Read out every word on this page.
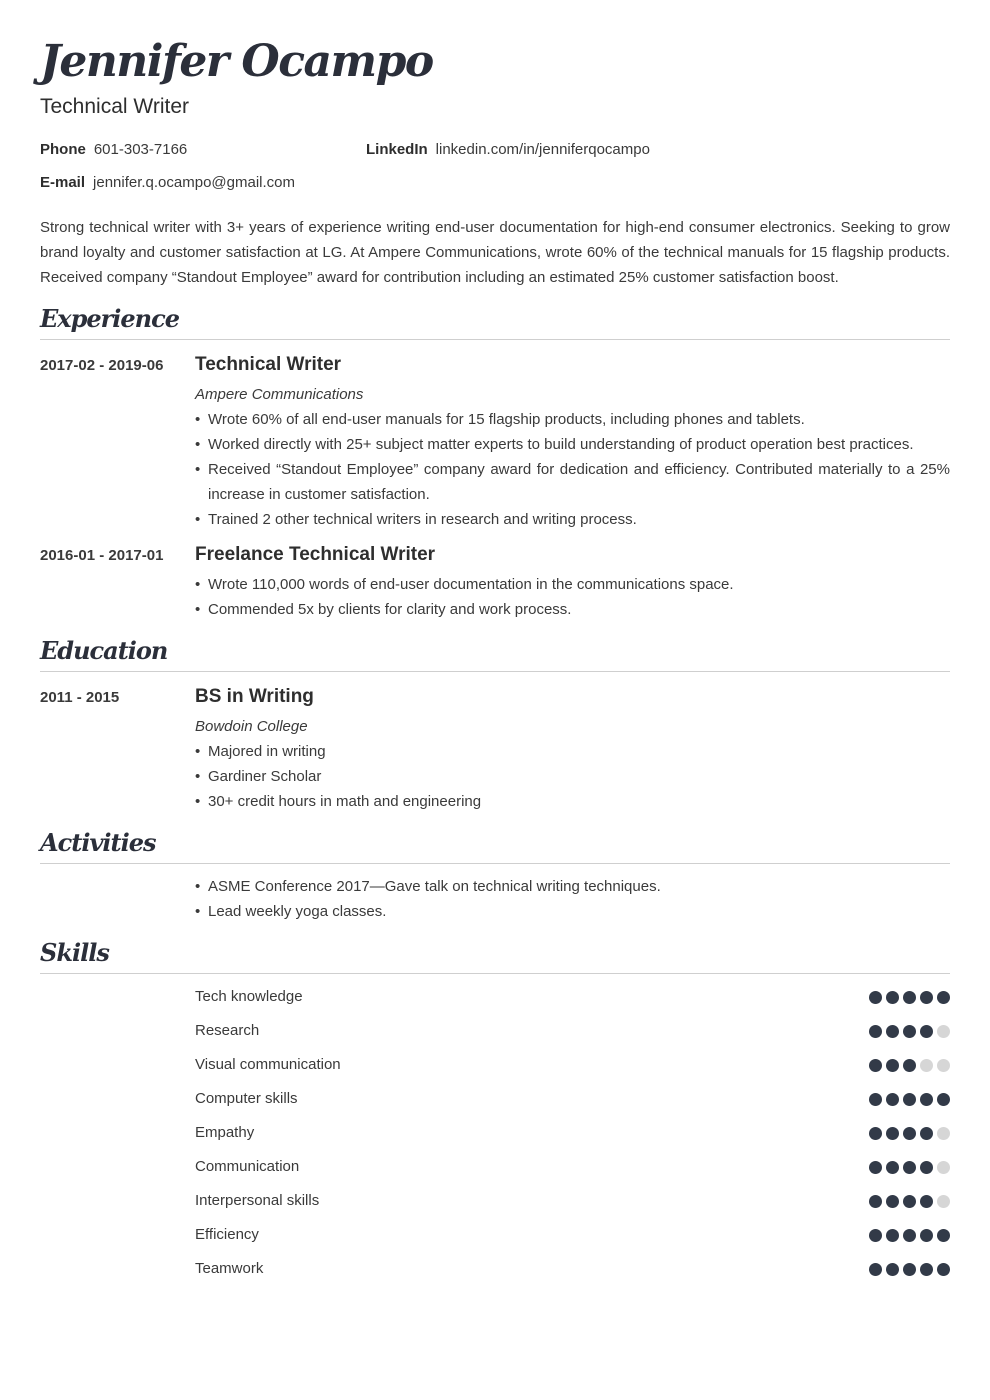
Jennifer Ocampo
Technical Writer
Phone 601-303-7166	LinkedIn linkedin.com/in/jenniferqocampo
E-mail jennifer.q.ocampo@gmail.com
Strong technical writer with 3+ years of experience writing end-user documentation for high-end consumer electronics. Seeking to grow brand loyalty and customer satisfaction at LG. At Ampere Communications, wrote 60% of the technical manuals for 15 flagship products. Received company “Standout Employee” award for contribution including an estimated 25% customer satisfaction boost.
Experience
2017-02 - 2019-06 Technical Writer
Ampere Communications
• Wrote 60% of all end-user manuals for 15 flagship products, including phones and tablets.
• Worked directly with 25+ subject matter experts to build understanding of product operation best practices.
• Received “Standout Employee” company award for dedication and efficiency. Contributed materially to a 25% increase in customer satisfaction.
• Trained 2 other technical writers in research and writing process.
2016-01 - 2017-01 Freelance Technical Writer
• Wrote 110,000 words of end-user documentation in the communications space.
• Commended 5x by clients for clarity and work process.
Education
2011 - 2015	BS in Writing
Bowdoin College
• Majored in writing
• Gardiner Scholar
• 30+ credit hours in math and engineering
Activities
• ASME Conference 2017—Gave talk on technical writing techniques.
• Lead weekly yoga classes.
Skills
Tech knowledge
Research
Visual communication
Computer skills
Empathy
Communication
Interpersonal skills
Efficiency
Teamwork
